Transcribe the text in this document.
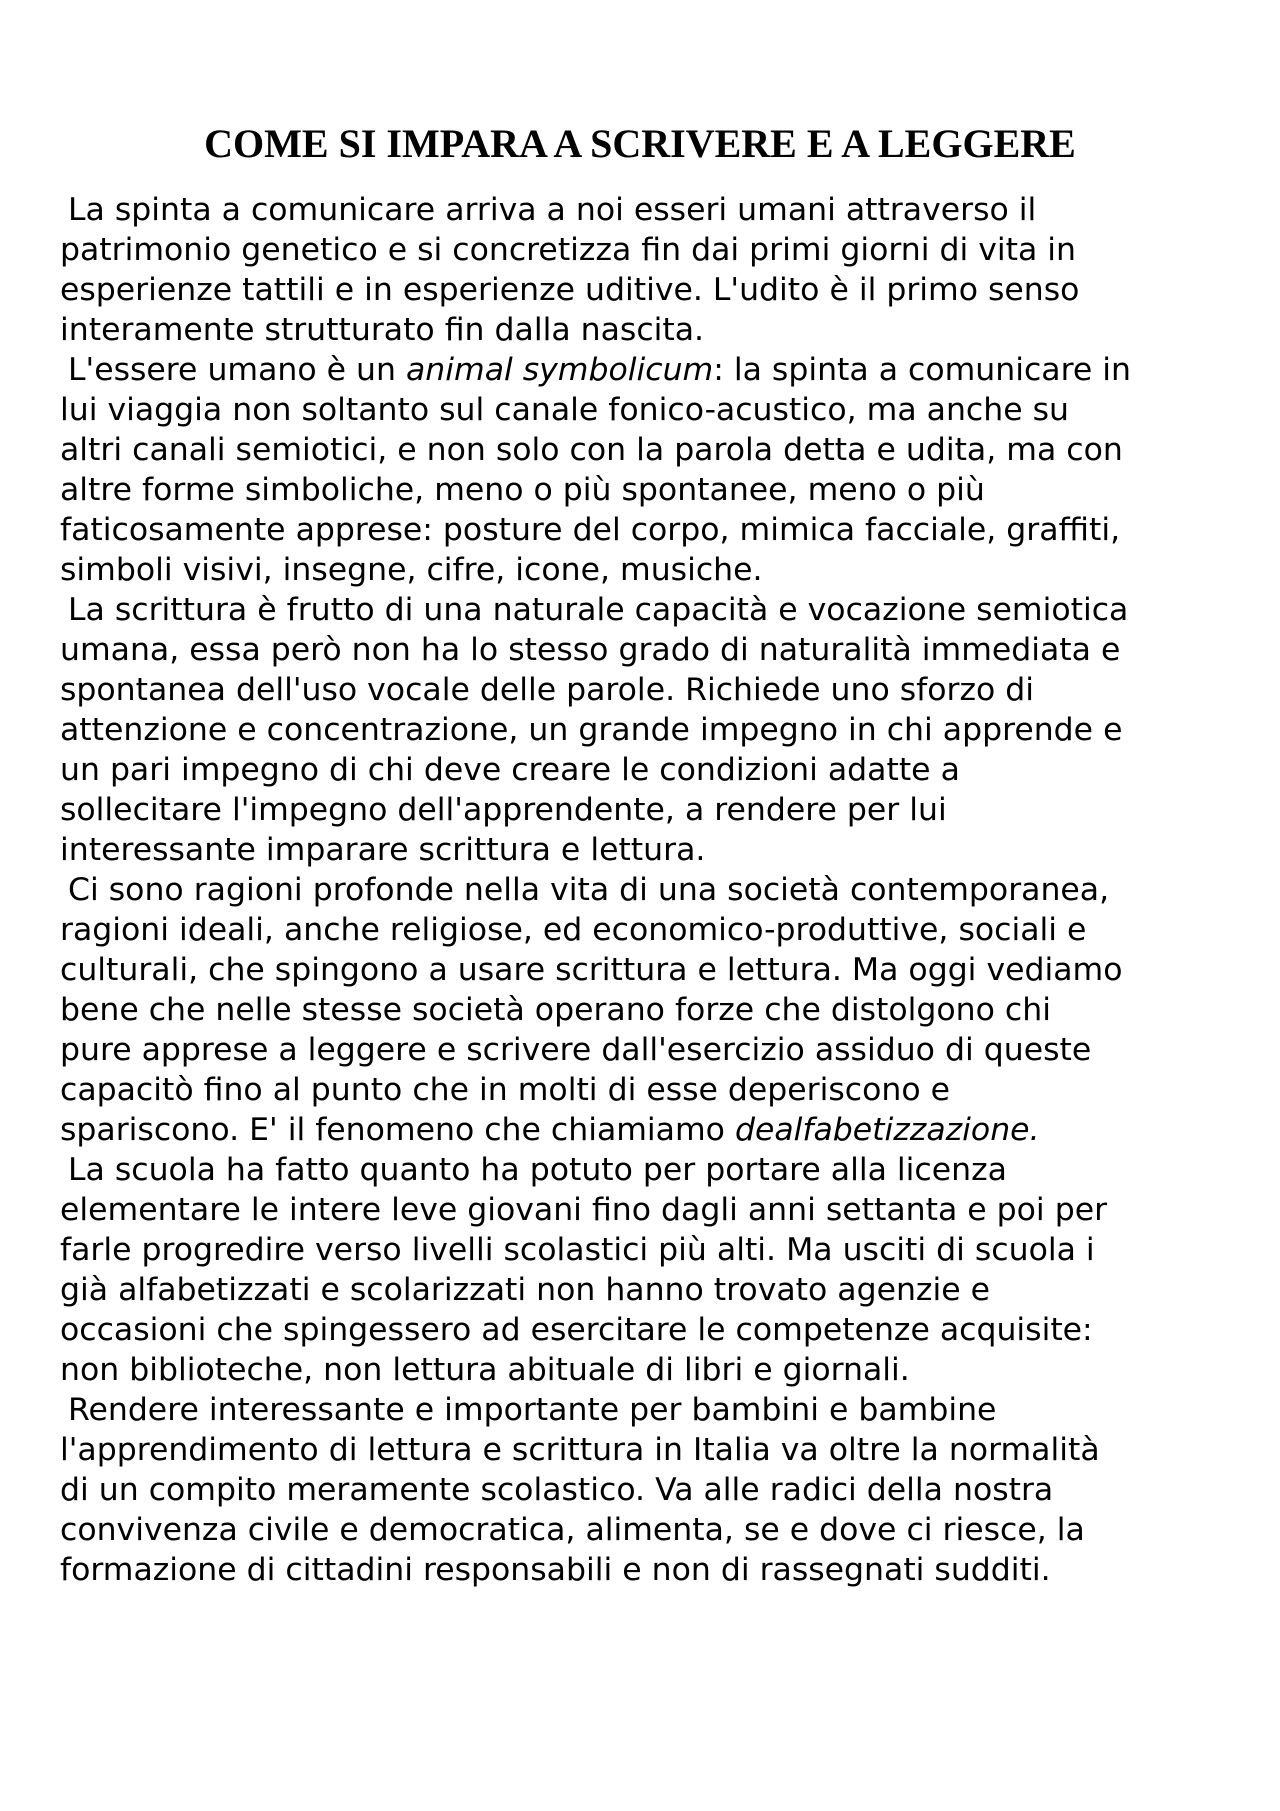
COME SI IMPARA A SCRIVERE E A LEGGERE
La spinta a comunicare arriva a noi esseri umani attraverso il
patrimonio genetico e si concretizza fin dai primi giorni di vita in
esperienze tattili e in esperienze uditive. L'udito è il primo senso
interamente strutturato fin dalla nascita.
L'essere umano è un animal symbolicum: la spinta a comunicare in
lui viaggia non soltanto sul canale fonico-acustico, ma anche su
altri canali semiotici, e non solo con la parola detta e udita, ma con
altre forme simboliche, meno o più spontanee, meno o più
faticosamente apprese: posture del corpo, mimica facciale, graffiti,
simboli visivi, insegne, cifre, icone, musiche.
La scrittura è frutto di una naturale capacità e vocazione semiotica
umana, essa però non ha lo stesso grado di naturalità immediata e
spontanea dell'uso vocale delle parole. Richiede uno sforzo di
attenzione e concentrazione, un grande impegno in chi apprende e
un pari impegno di chi deve creare le condizioni adatte a
sollecitare l'impegno dell'apprendente, a rendere per lui
interessante imparare scrittura e lettura.
Ci sono ragioni profonde nella vita di una società contemporanea,
ragioni ideali, anche religiose, ed economico-produttive, sociali e
culturali, che spingono a usare scrittura e lettura. Ma oggi vediamo
bene che nelle stesse società operano forze che distolgono chi
pure apprese a leggere e scrivere dall'esercizio assiduo di queste
capacitò fino al punto che in molti di esse deperiscono e
spariscono. E' il fenomeno che chiamiamo dealfabetizzazione.
La scuola ha fatto quanto ha potuto per portare alla licenza
elementare le intere leve giovani fino dagli anni settanta e poi per
farle progredire verso livelli scolastici più alti. Ma usciti di scuola i
già alfabetizzati e scolarizzati non hanno trovato agenzie e
occasioni che spingessero ad esercitare le competenze acquisite:
non biblioteche, non lettura abituale di libri e giornali.
Rendere interessante e importante per bambini e bambine
l'apprendimento di lettura e scrittura in Italia va oltre la normalità
di un compito meramente scolastico. Va alle radici della nostra
convivenza civile e democratica, alimenta, se e dove ci riesce, la
formazione di cittadini responsabili e non di rassegnati sudditi.
